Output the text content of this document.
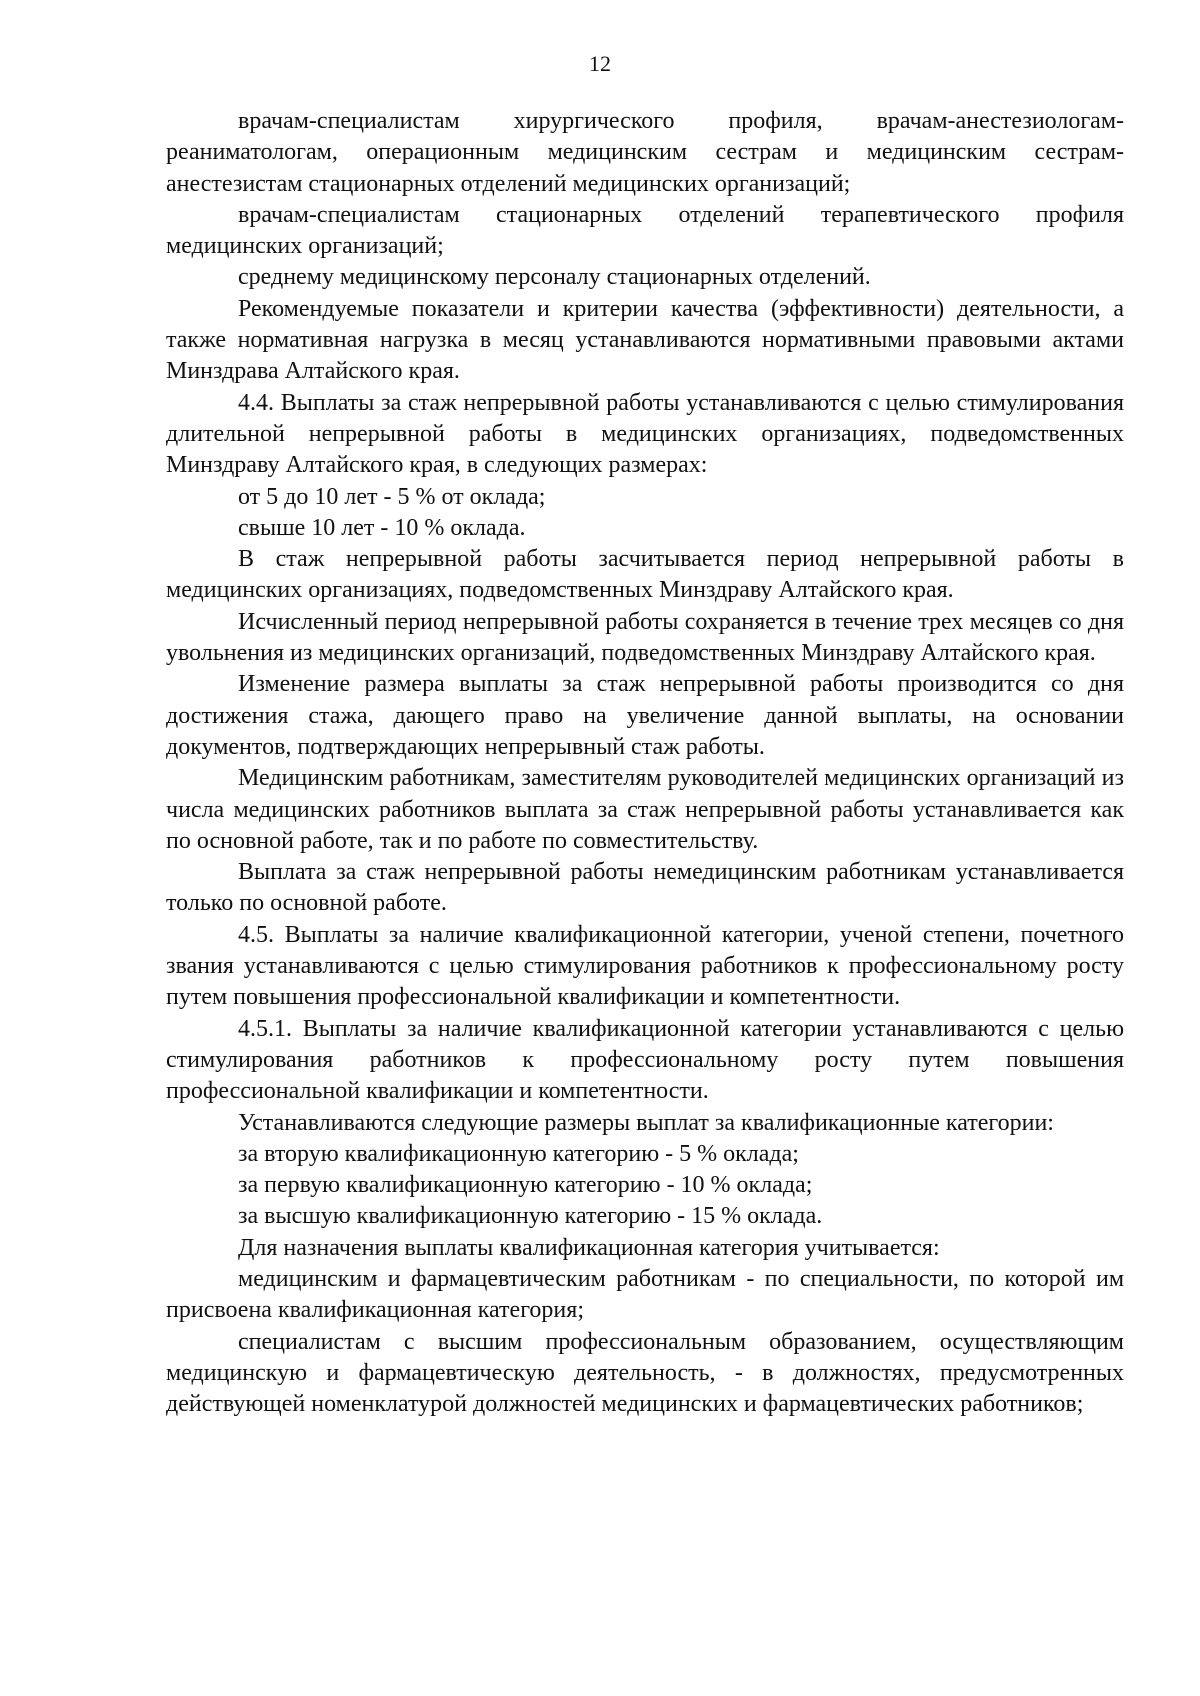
12

врачам-специалистам хирургического профиля, врачам-анестезиологам-реаниматологам, операционным медицинским сестрам и медицинским сестрам-анестезистам стационарных отделений медицинских организаций;

врачам-специалистам стационарных отделений терапевтического профиля медицинских организаций;

среднему медицинскому персоналу стационарных отделений.

Рекомендуемые показатели и критерии качества (эффективности) деятельности, а также нормативная нагрузка в месяц устанавливаются нормативными правовыми актами Минздрава Алтайского края.

4.4. Выплаты за стаж непрерывной работы устанавливаются с целью стимулирования длительной непрерывной работы в медицинских организациях, подведомственных Минздраву Алтайского края, в следующих размерах:

от 5 до 10 лет - 5 % от оклада;

свыше 10 лет - 10 % оклада.

В стаж непрерывной работы засчитывается период непрерывной работы в медицинских организациях, подведомственных Минздраву Алтайского края.

Исчисленный период непрерывной работы сохраняется в течение трех месяцев со дня увольнения из медицинских организаций, подведомственных Минздраву Алтайского края.

Изменение размера выплаты за стаж непрерывной работы производится со дня достижения стажа, дающего право на увеличение данной выплаты, на основании документов, подтверждающих непрерывный стаж работы.

Медицинским работникам, заместителям руководителей медицинских организаций из числа медицинских работников выплата за стаж непрерывной работы устанавливается как по основной работе, так и по работе по совместительству.

Выплата за стаж непрерывной работы немедицинским работникам устанавливается только по основной работе.

4.5. Выплаты за наличие квалификационной категории, ученой степени, почетного звания устанавливаются с целью стимулирования работников к профессиональному росту путем повышения профессиональной квалификации и компетентности.

4.5.1. Выплаты за наличие квалификационной категории устанавливаются с целью стимулирования работников к профессиональному росту путем повышения профессиональной квалификации и компетентности.

Устанавливаются следующие размеры выплат за квалификационные категории:

за вторую квалификационную категорию - 5 % оклада;

за первую квалификационную категорию - 10 % оклада;

за высшую квалификационную категорию - 15 % оклада.

Для назначения выплаты квалификационная категория учитывается:

медицинским и фармацевтическим работникам - по специальности, по которой им присвоена квалификационная категория;

специалистам с высшим профессиональным образованием, осуществляющим медицинскую и фармацевтическую деятельность, - в должностях, предусмотренных действующей номенклатурой должностей медицинских и фармацевтических работников;
